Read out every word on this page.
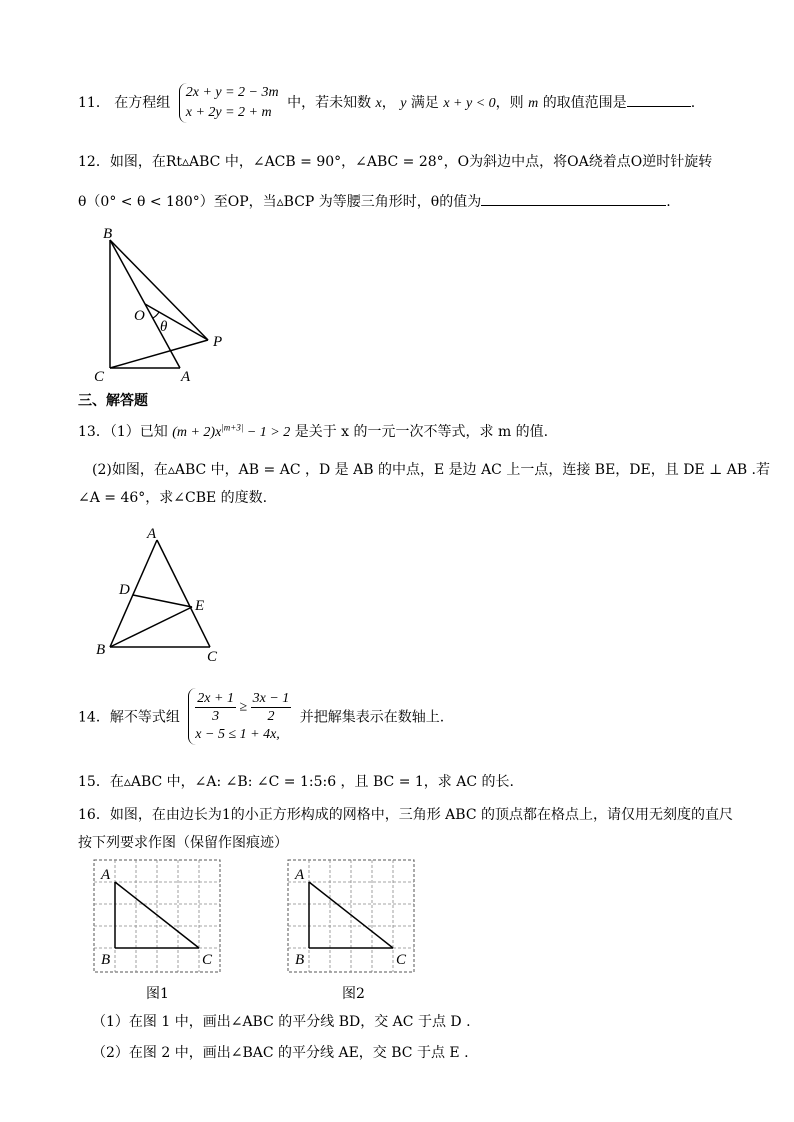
11． 在方程组 2x + y = 2 − 3m
x + 2y = 2 + m 中，若未知数 x， y 满足 x + y < 0，则 m 的取值范围是	.
12．如图，在Rt▵ABC 中，∠ACB = 90°，∠ABC = 28°，O为斜边中点，将OA绕着点O逆时针旋转
θ（0° < θ < 180°）至OP，当▵BCP 为等腰三角形时，θ的值为	.
B
O
θ
P
C	A
三、解答题
13．（1）已知 $(m + 2)x^{|m+3|} - 1 > 2$ 是关于 x 的一元一次不等式，求 m 的值.
(2)如图，在▵ABC 中，AB = AC ，D 是 AB 的中点，E 是边 AC 上一点，连接 BE，DE，且 DE ⊥ AB .若
∠A = 46°，求∠CBE 的度数.
A
D
E
B	C
14．解不等式组 $\frac{2x + 1}{3} \ge \frac{3x - 1}{2}$
x − 5 ≤ 1 + 4x,
并把解集表示在数轴上.
15．在▵ABC 中，∠A: ∠B: ∠C = 1:5:6 ，且 BC = 1，求 AC 的长.
16．如图，在由边长为1的小正方形构成的网格中，三角形 ABC 的顶点都在格点上，请仅用无刻度的直尺
按下列要求作图（保留作图痕迹）
A
B	C
图1
A
B	C
图2
（1）在图 1 中，画出∠ABC 的平分线 BD，交 AC 于点 D .
（2）在图 2 中，画出∠BAC 的平分线 AE，交 BC 于点 E .
